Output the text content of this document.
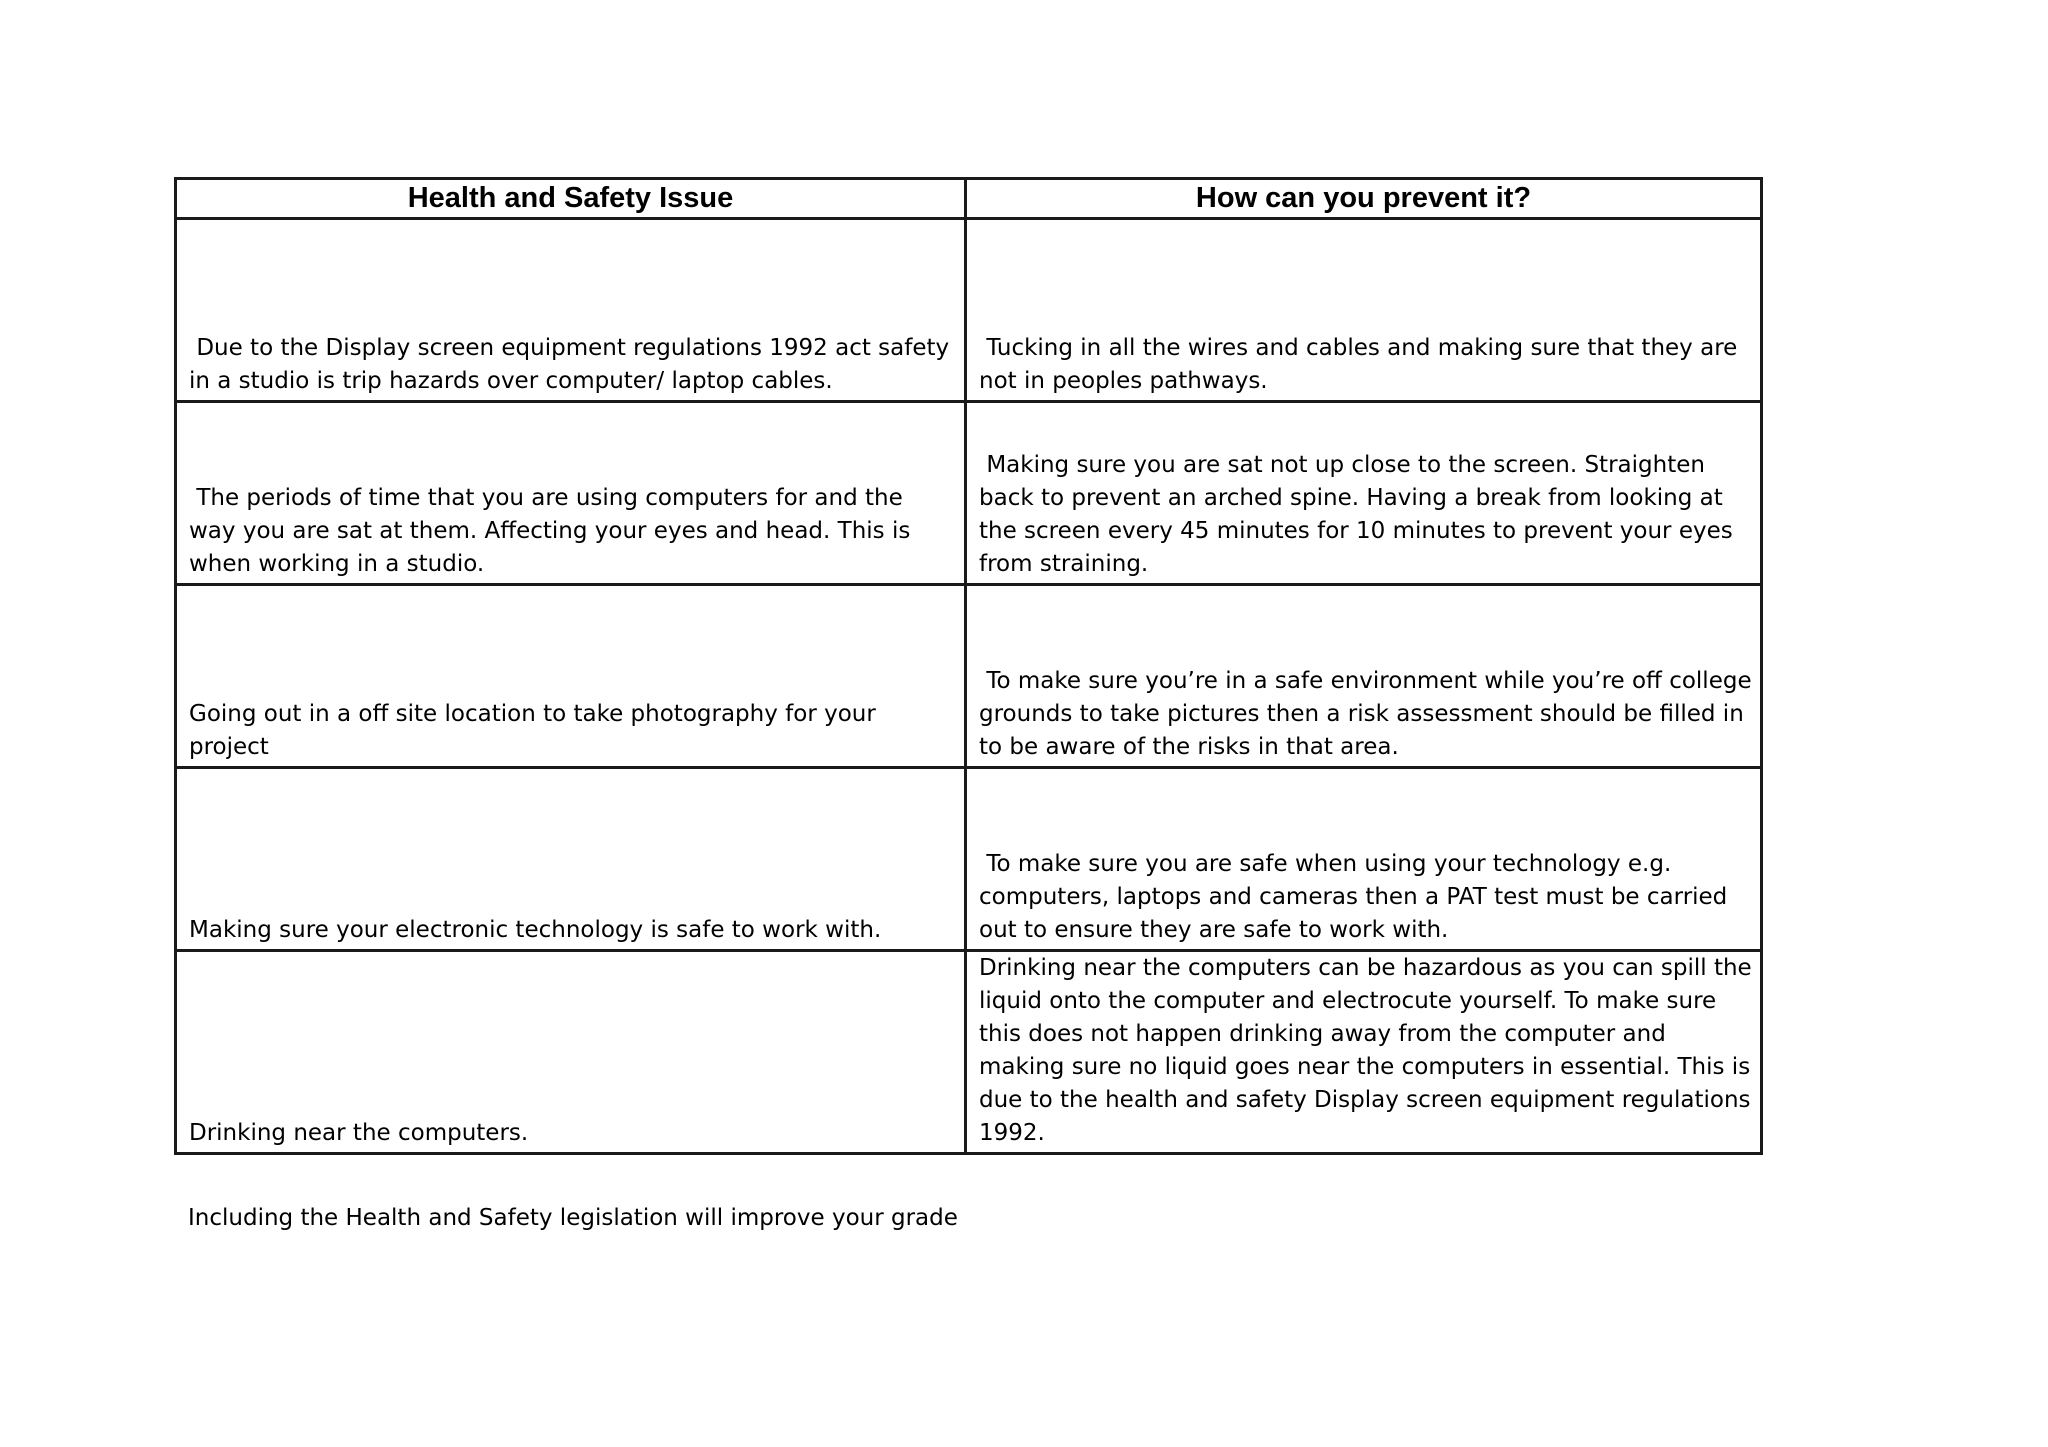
Health and Safety Issue	How can you prevent it?
Due to the Display screen equipment regulations 1992 act safety in a studio is trip hazards over computer/ laptop cables.	Tucking in all the wires and cables and making sure that they are not in peoples pathways.
The periods of time that you are using computers for and the way you are sat at them. Affecting your eyes and head. This is when working in a studio.	Making sure you are sat not up close to the screen. Straighten back to prevent an arched spine. Having a break from looking at the screen every 45 minutes for 10 minutes to prevent your eyes from straining.
Going out in a off site location to take photography for your project	To make sure you’re in a safe environment while you’re off college grounds to take pictures then a risk assessment should be filled in to be aware of the risks in that area.
Making sure your electronic technology is safe to work with.	To make sure you are safe when using your technology e.g. computers, laptops and cameras then a PAT test must be carried out to ensure they are safe to work with.
Drinking near the computers.	Drinking near the computers can be hazardous as you can spill the liquid onto the computer and electrocute yourself. To make sure this does not happen drinking away from the computer and making sure no liquid goes near the computers in essential. This is due to the health and safety Display screen equipment regulations 1992.
Including the Health and Safety legislation will improve your grade
